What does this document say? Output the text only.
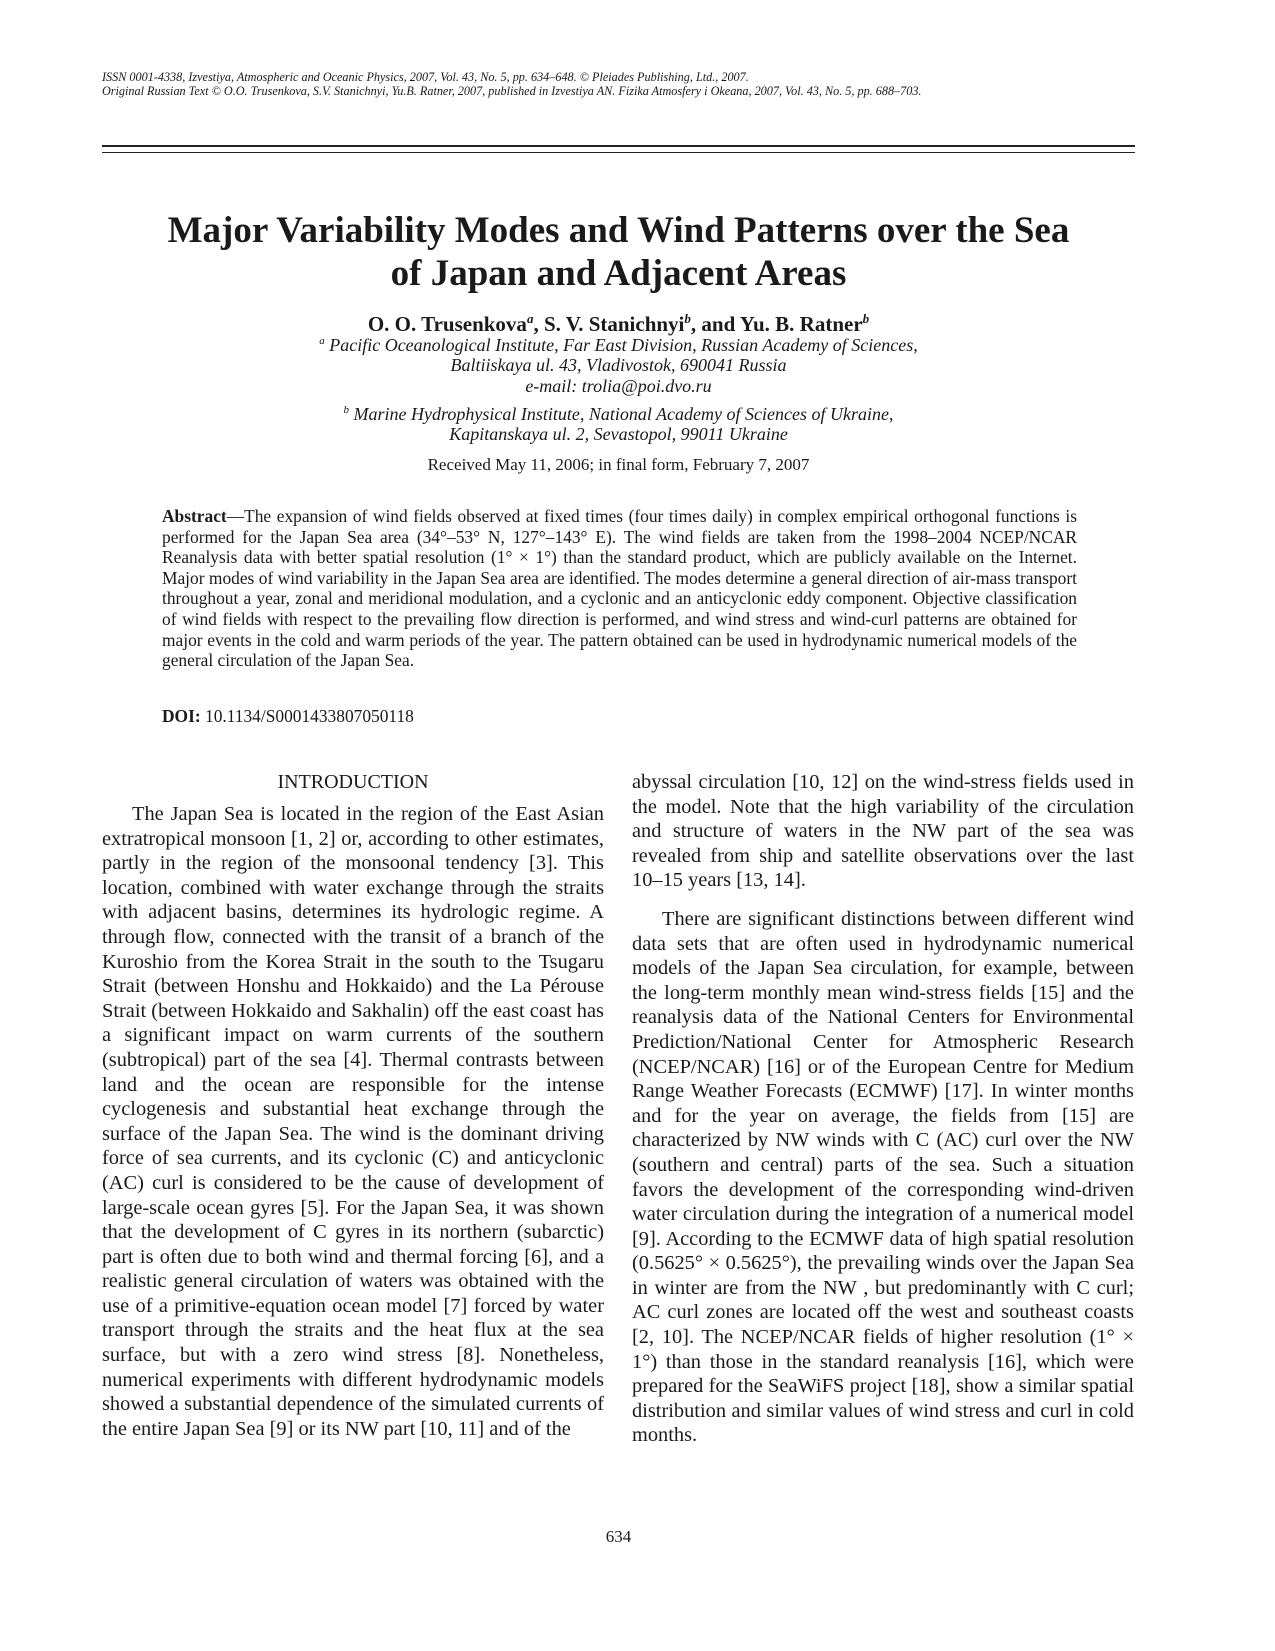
ISSN 0001-4338, Izvestiya, Atmospheric and Oceanic Physics, 2007, Vol. 43, No. 5, pp. 634–648. © Pleiades Publishing, Ltd., 2007.
Original Russian Text © O.O. Trusenkova, S.V. Stanichnyi, Yu.B. Ratner, 2007, published in Izvestiya AN. Fizika Atmosfery i Okeana, 2007, Vol. 43, No. 5, pp. 688–703.
Major Variability Modes and Wind Patterns over the Sea
of Japan and Adjacent Areas
O. O. Trusenkova$^a$, S. V. Stanichnyi$^b$, and Yu. B. Ratner$^b$
$^a$ Pacific Oceanological Institute, Far East Division, Russian Academy of Sciences,
Baltiiskaya ul. 43, Vladivostok, 690041 Russia
e-mail: trolia@poi.dvo.ru
$^b$ Marine Hydrophysical Institute, National Academy of Sciences of Ukraine,
Kapitanskaya ul. 2, Sevastopol, 99011 Ukraine
Received May 11, 2006; in final form, February 7, 2007
Abstract—The expansion of wind fields observed at fixed times (four times daily) in complex empirical orthogonal functions is performed for the Japan Sea area (34°–53° N, 127°–143° E). The wind fields are taken from the 1998–2004 NCEP/NCAR Reanalysis data with better spatial resolution (1° × 1°) than the standard product, which are publicly available on the Internet. Major modes of wind variability in the Japan Sea area are identified. The modes determine a general direction of air-mass transport throughout a year, zonal and meridional modulation, and a cyclonic and an anticyclonic eddy component. Objective classification of wind fields with respect to the prevailing flow direction is performed, and wind stress and wind-curl patterns are obtained for major events in the cold and warm periods of the year. The pattern obtained can be used in hydrodynamic numerical models of the general circulation of the Japan Sea.
DOI: 10.1134/S0001433807050118
INTRODUCTION

The Japan Sea is located in the region of the East Asian extratropical monsoon [1, 2] or, according to other estimates, partly in the region of the monsoonal tendency [3]. This location, combined with water exchange through the straits with adjacent basins, determines its hydrologic regime. A through flow, connected with the transit of a branch of the Kuroshio from the Korea Strait in the south to the Tsugaru Strait (between Honshu and Hokkaido) and the La Pérouse Strait (between Hokkaido and Sakhalin) off the east coast has a significant impact on warm currents of the southern (subtropical) part of the sea [4]. Thermal contrasts between land and the ocean are responsible for the intense cyclogenesis and substantial heat exchange through the surface of the Japan Sea. The wind is the dominant driving force of sea currents, and its cyclonic (C) and anticyclonic (AC) curl is considered to be the cause of development of large-scale ocean gyres [5]. For the Japan Sea, it was shown that the development of C gyres in its northern (subarctic) part is often due to both wind and thermal forcing [6], and a realistic general circulation of waters was obtained with the use of a primitive-equation ocean model [7] forced by water transport through the straits and the heat flux at the sea surface, but with a zero wind stress [8]. Nonetheless, numerical experiments with different hydrodynamic models showed a substantial dependence of the simulated currents of the entire Japan Sea [9] or its NW part [10, 11] and of the

abyssal circulation [10, 12] on the wind-stress fields used in the model. Note that the high variability of the circulation and structure of waters in the NW part of the sea was revealed from ship and satellite observations over the last 10–15 years [13, 14].

There are significant distinctions between different wind data sets that are often used in hydrodynamic numerical models of the Japan Sea circulation, for example, between the long-term monthly mean wind-stress fields [15] and the reanalysis data of the National Centers for Environmental Prediction/National Center for Atmospheric Research (NCEP/NCAR) [16] or of the European Centre for Medium Range Weather Forecasts (ECMWF) [17]. In winter months and for the year on average, the fields from [15] are characterized by NW winds with C (AC) curl over the NW (southern and central) parts of the sea. Such a situation favors the development of the corresponding wind-driven water circulation during the integration of a numerical model [9]. According to the ECMWF data of high spatial resolution (0.5625° × 0.5625°), the prevailing winds over the Japan Sea in winter are from the NW , but predominantly with C curl; AC curl zones are located off the west and southeast coasts [2, 10]. The NCEP/NCAR fields of higher resolution (1° × 1°) than those in the standard reanalysis [16], which were prepared for the SeaWiFS project [18], show a similar spatial distribution and similar values of wind stress and curl in cold months.

634
